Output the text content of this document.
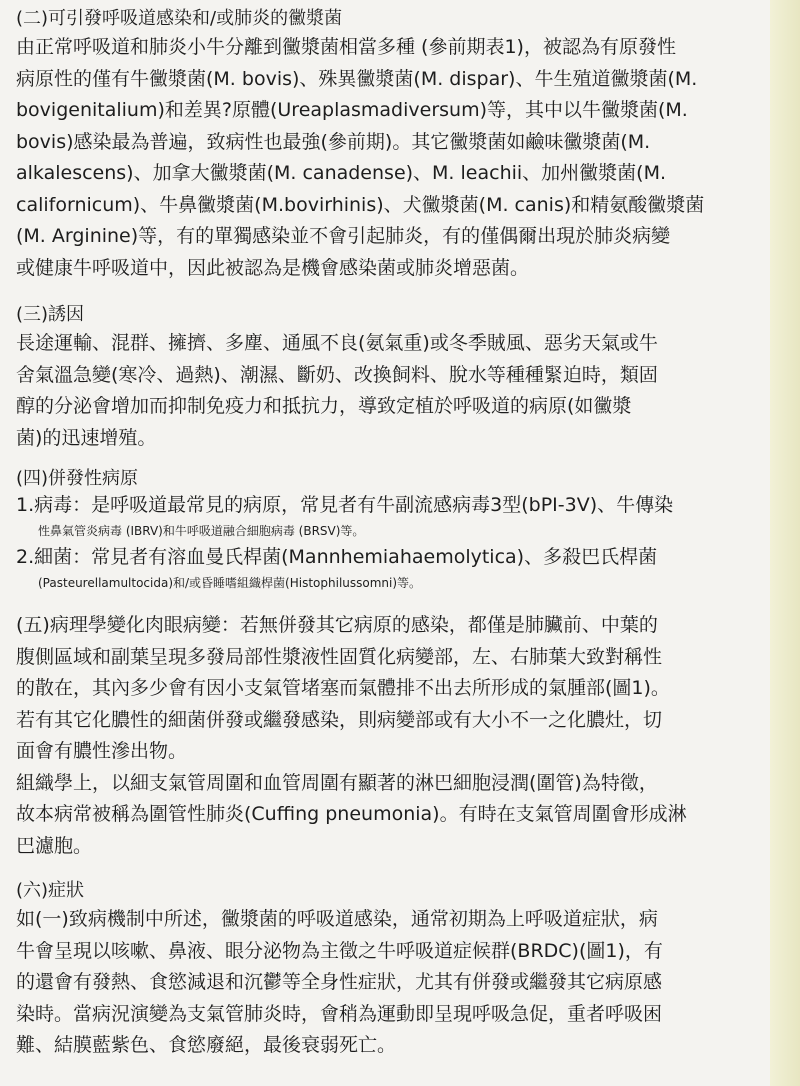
(二)可引發呼吸道感染和/或肺炎的黴漿菌
由正常呼吸道和肺炎小牛分離到黴漿菌相當多種 (參前期表1)，被認為有原發性
病原性的僅有牛黴漿菌(M. bovis)、殊異黴漿菌(M. dispar)、牛生殖道黴漿菌(M.
bovigenitalium)和差異?原體(Ureaplasmadiversum)等，其中以牛黴漿菌(M.
bovis)感染最為普遍，致病性也最強(參前期)。其它黴漿菌如鹼味黴漿菌(M.
alkalescens)、加拿大黴漿菌(M. canadense)、M. leachii、加州黴漿菌(M.
californicum)、牛鼻黴漿菌(M.bovirhinis)、犬黴漿菌(M. canis)和精氨酸黴漿菌
(M. Arginine)等，有的單獨感染並不會引起肺炎，有的僅偶爾出現於肺炎病變
或健康牛呼吸道中，因此被認為是機會感染菌或肺炎增惡菌。
(三)誘因
長途運輸、混群、擁擠、多塵、通風不良(氨氣重)或冬季賊風、惡劣天氣或牛
舍氣溫急變(寒冷、過熱)、潮濕、斷奶、改換飼料、脫水等種種緊迫時，類固
醇的分泌會增加而抑制免疫力和抵抗力，導致定植於呼吸道的病原(如黴漿
菌)的迅速增殖。
(四)併發性病原
1.病毒：是呼吸道最常見的病原，常見者有牛副流感病毒3型(bPI-3V)、牛傳染
性鼻氣管炎病毒 (IBRV)和牛呼吸道融合細胞病毒 (BRSV)等。
2.細菌：常見者有溶血曼氏桿菌(Mannhemiahaemolytica)、多殺巴氏桿菌
(Pasteurellamultocida)和/或昏睡嗜組織桿菌(Histophilussomni)等。
(五)病理學變化肉眼病變：若無併發其它病原的感染，都僅是肺臟前、中葉的
腹側區域和副葉呈現多發局部性漿液性固質化病變部，左、右肺葉大致對稱性
的散在，其內多少會有因小支氣管堵塞而氣體排不出去所形成的氣腫部(圖1)。
若有其它化膿性的細菌併發或繼發感染，則病變部或有大小不一之化膿灶，切
面會有膿性滲出物。
組織學上，以細支氣管周圍和血管周圍有顯著的淋巴細胞浸潤(圍管)為特徵，
故本病常被稱為圍管性肺炎(Cuffing pneumonia)。有時在支氣管周圍會形成淋
巴濾胞。
(六)症狀
如(一)致病機制中所述，黴漿菌的呼吸道感染，通常初期為上呼吸道症狀，病
牛會呈現以咳嗽、鼻液、眼分泌物為主徵之牛呼吸道症候群(BRDC)(圖1)，有
的還會有發熱、食慾減退和沉鬱等全身性症狀，尤其有併發或繼發其它病原感
染時。當病況演變為支氣管肺炎時，會稍為運動即呈現呼吸急促，重者呼吸困
難、結膜藍紫色、食慾廢絕，最後衰弱死亡。
